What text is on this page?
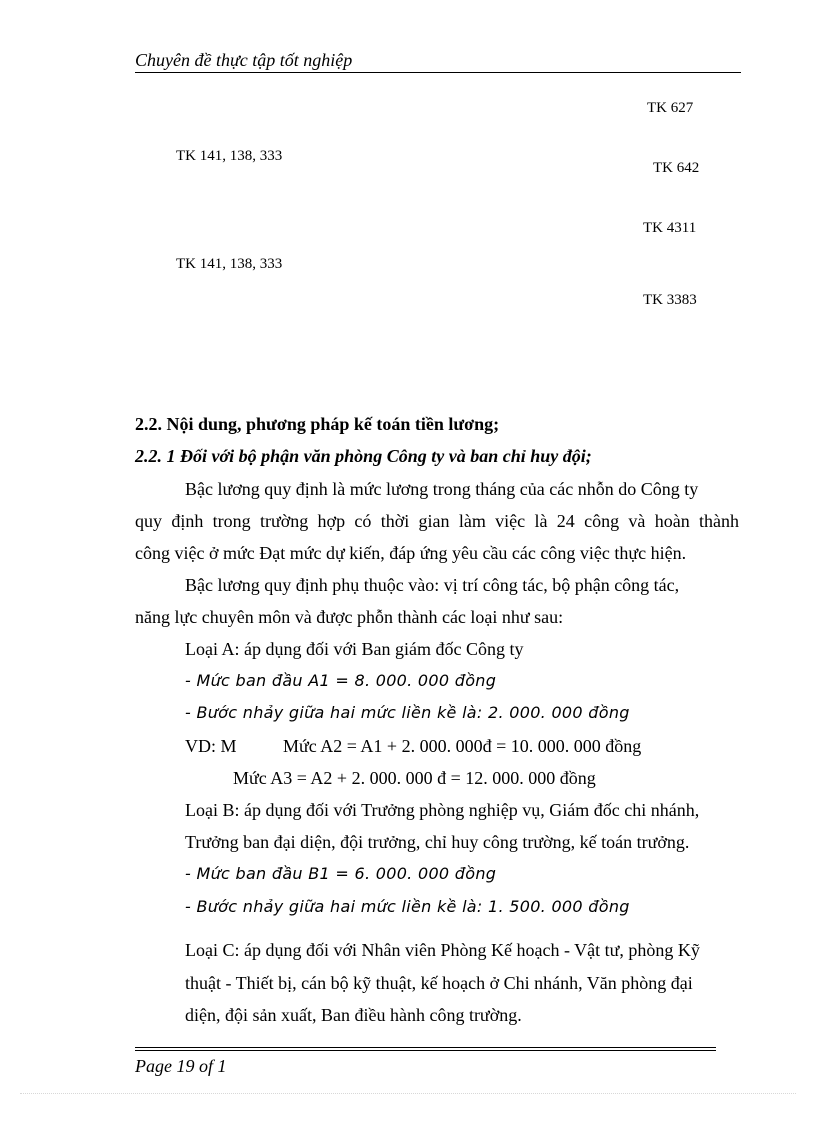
Chuyên đề thực tập tốt nghiệp
TK 627
TK 141, 138, 333
TK 642
TK 4311
TK 141, 138, 333
TK 3383
2.2. Nội dung, phương pháp kế toán tiền lương;
2.2. 1 Đối với bộ phận văn phòng Công ty và ban chỉ huy đội;
Bậc lương quy định là mức lương trong tháng của các nhỗn do Công ty
quy định trong trường hợp có thời gian làm việc là 24 công và hoàn thành
công việc ở mức Đạt mức dự kiến, đáp ứng yêu cầu các công việc thực hiện.
Bậc lương quy định phụ thuộc vào: vị trí công tác, bộ phận công tác,
năng lực chuyên môn và được phỗn thành các loại như sau:
Loại A: áp dụng đối với Ban giám đốc Công ty
- Mức ban đầu A1 = 8. 000. 000 đồng
- Bước nhảy giữa hai mức liền kề là: 2. 000. 000 đồng
VD: M	Mức A2 = A1 + 2. 000. 000đ = 10. 000. 000 đồng
Mức A3 = A2 + 2. 000. 000 đ = 12. 000. 000 đồng
Loại B: áp dụng đối với Trưởng phòng nghiệp vụ, Giám đốc chi nhánh,
Trưởng ban đại diện, đội trưởng, chỉ huy công trường, kế toán trưởng.
- Mức ban đầu B1 = 6. 000. 000 đồng
- Bước nhảy giữa hai mức liền kề là: 1. 500. 000 đồng
Loại C: áp dụng đối với Nhân viên Phòng Kế hoạch - Vật tư, phòng Kỹ
thuật - Thiết bị, cán bộ kỹ thuật, kế hoạch ở Chi nhánh, Văn phòng đại
diện, đội sản xuất, Ban điều hành công trường.
Page 19 of 1
